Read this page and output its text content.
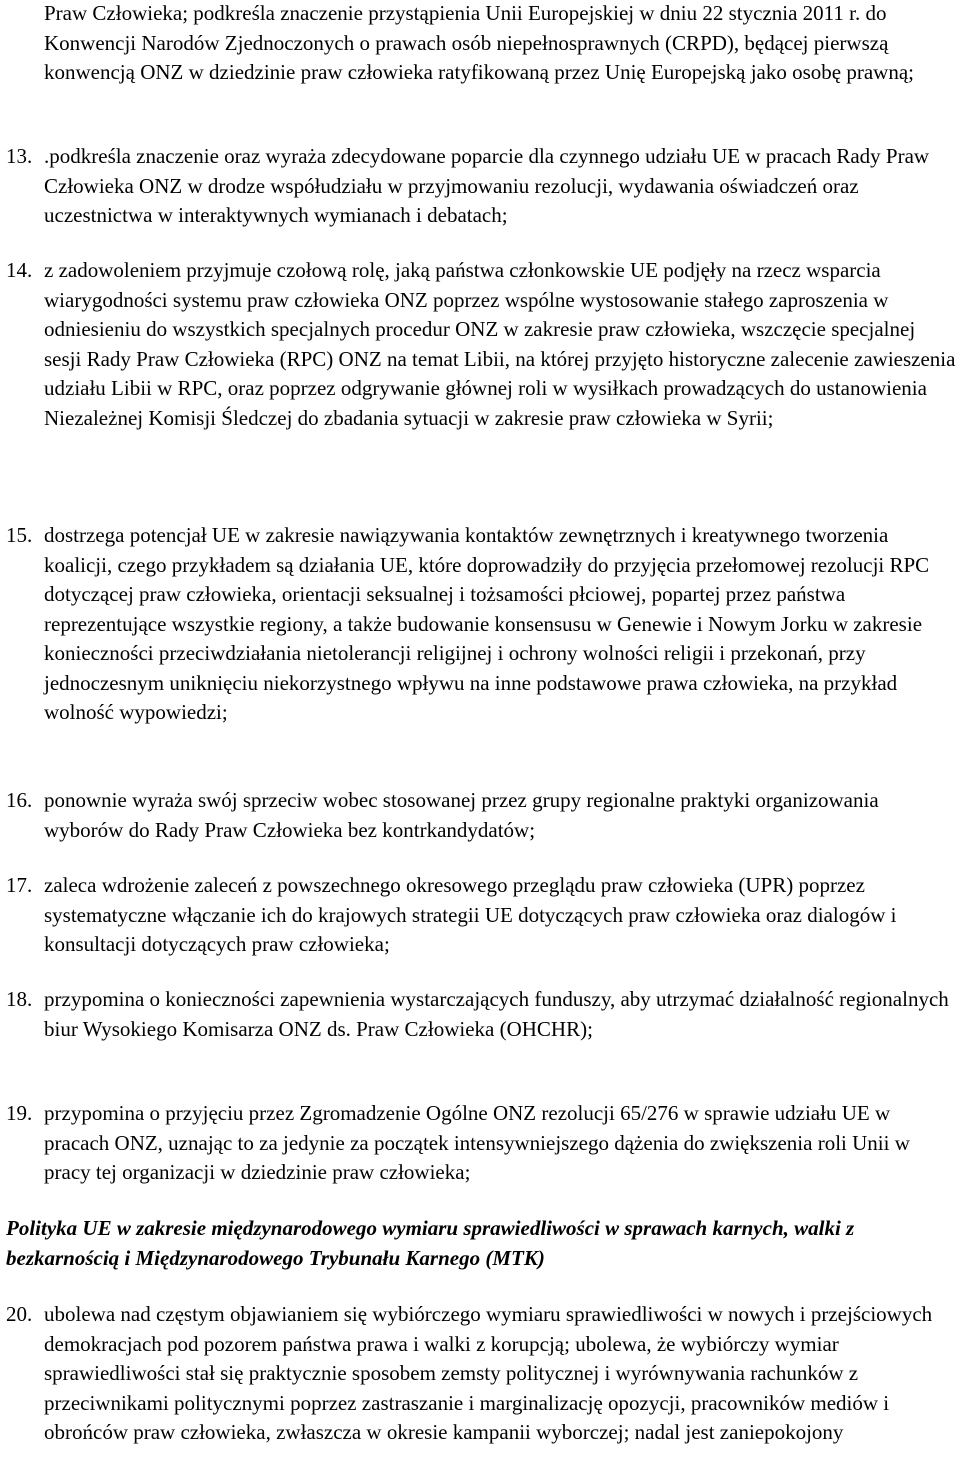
Praw Człowieka; podkreśla znaczenie przystąpienia Unii Europejskiej w dniu 22 stycznia 2011 r. do Konwencji Narodów Zjednoczonych o prawach osób niepełnosprawnych (CRPD), będącej pierwszą konwencją ONZ w dziedzinie praw człowieka ratyfikowaną przez Unię Europejską jako osobę prawną;
13. .podkreśla znaczenie oraz wyraża zdecydowane poparcie dla czynnego udziału UE w pracach Rady Praw Człowieka ONZ w drodze współudziału w przyjmowaniu rezolucji, wydawania oświadczeń oraz uczestnictwa w interaktywnych wymianach i debatach;
14. z zadowoleniem przyjmuje czołową rolę, jaką państwa członkowskie UE podjęły na rzecz wsparcia wiarygodności systemu praw człowieka ONZ poprzez wspólne wystosowanie stałego zaproszenia w odniesieniu do wszystkich specjalnych procedur ONZ w zakresie praw człowieka, wszczęcie specjalnej sesji Rady Praw Człowieka (RPC) ONZ na temat Libii, na której przyjęto historyczne zalecenie zawieszenia udziału Libii w RPC, oraz poprzez odgrywanie głównej roli w wysiłkach prowadzących do ustanowienia Niezależnej Komisji Śledczej do zbadania sytuacji w zakresie praw człowieka w Syrii;
15. dostrzega potencjał UE w zakresie nawiązywania kontaktów zewnętrznych i kreatywnego tworzenia koalicji, czego przykładem są działania UE, które doprowadziły do przyjęcia przełomowej rezolucji RPC dotyczącej praw człowieka, orientacji seksualnej i tożsamości płciowej, popartej przez państwa reprezentujące wszystkie regiony, a także budowanie konsensusu w Genewie i Nowym Jorku w zakresie konieczności przeciwdziałania nietolerancji religijnej i ochrony wolności religii i przekonań, przy jednoczesnym uniknięciu niekorzystnego wpływu na inne podstawowe prawa człowieka, na przykład wolność wypowiedzi;
16. ponownie wyraża swój sprzeciw wobec stosowanej przez grupy regionalne praktyki organizowania wyborów do Rady Praw Człowieka bez kontrkandydatów;
17. zaleca wdrożenie zaleceń z powszechnego okresowego przeglądu praw człowieka (UPR) poprzez systematyczne włączanie ich do krajowych strategii UE dotyczących praw człowieka oraz dialogów i konsultacji dotyczących praw człowieka;
18. przypomina o konieczności zapewnienia wystarczających funduszy, aby utrzymać działalność regionalnych biur Wysokiego Komisarza ONZ ds. Praw Człowieka (OHCHR);
19. przypomina o przyjęciu przez Zgromadzenie Ogólne ONZ rezolucji 65/276 w sprawie udziału UE w pracach ONZ, uznając to za jedynie za początek intensywniejszego dążenia do zwiększenia roli Unii w pracy tej organizacji w dziedzinie praw człowieka;
Polityka UE w zakresie międzynarodowego wymiaru sprawiedliwości w sprawach karnych, walki z bezkarnością i Międzynarodowego Trybunału Karnego (MTK)
20. ubolewa nad częstym objawianiem się wybiórczego wymiaru sprawiedliwości w nowych i przejściowych demokracjach pod pozorem państwa prawa i walki z korupcją; ubolewa, że wybiórczy wymiar sprawiedliwości stał się praktycznie sposobem zemsty politycznej i wyrównywania rachunków z przeciwnikami politycznymi poprzez zastraszanie i marginalizację opozycji, pracowników mediów i obrońców praw człowieka, zwłaszcza w okresie kampanii wyborczej; nadal jest zaniepokojony
